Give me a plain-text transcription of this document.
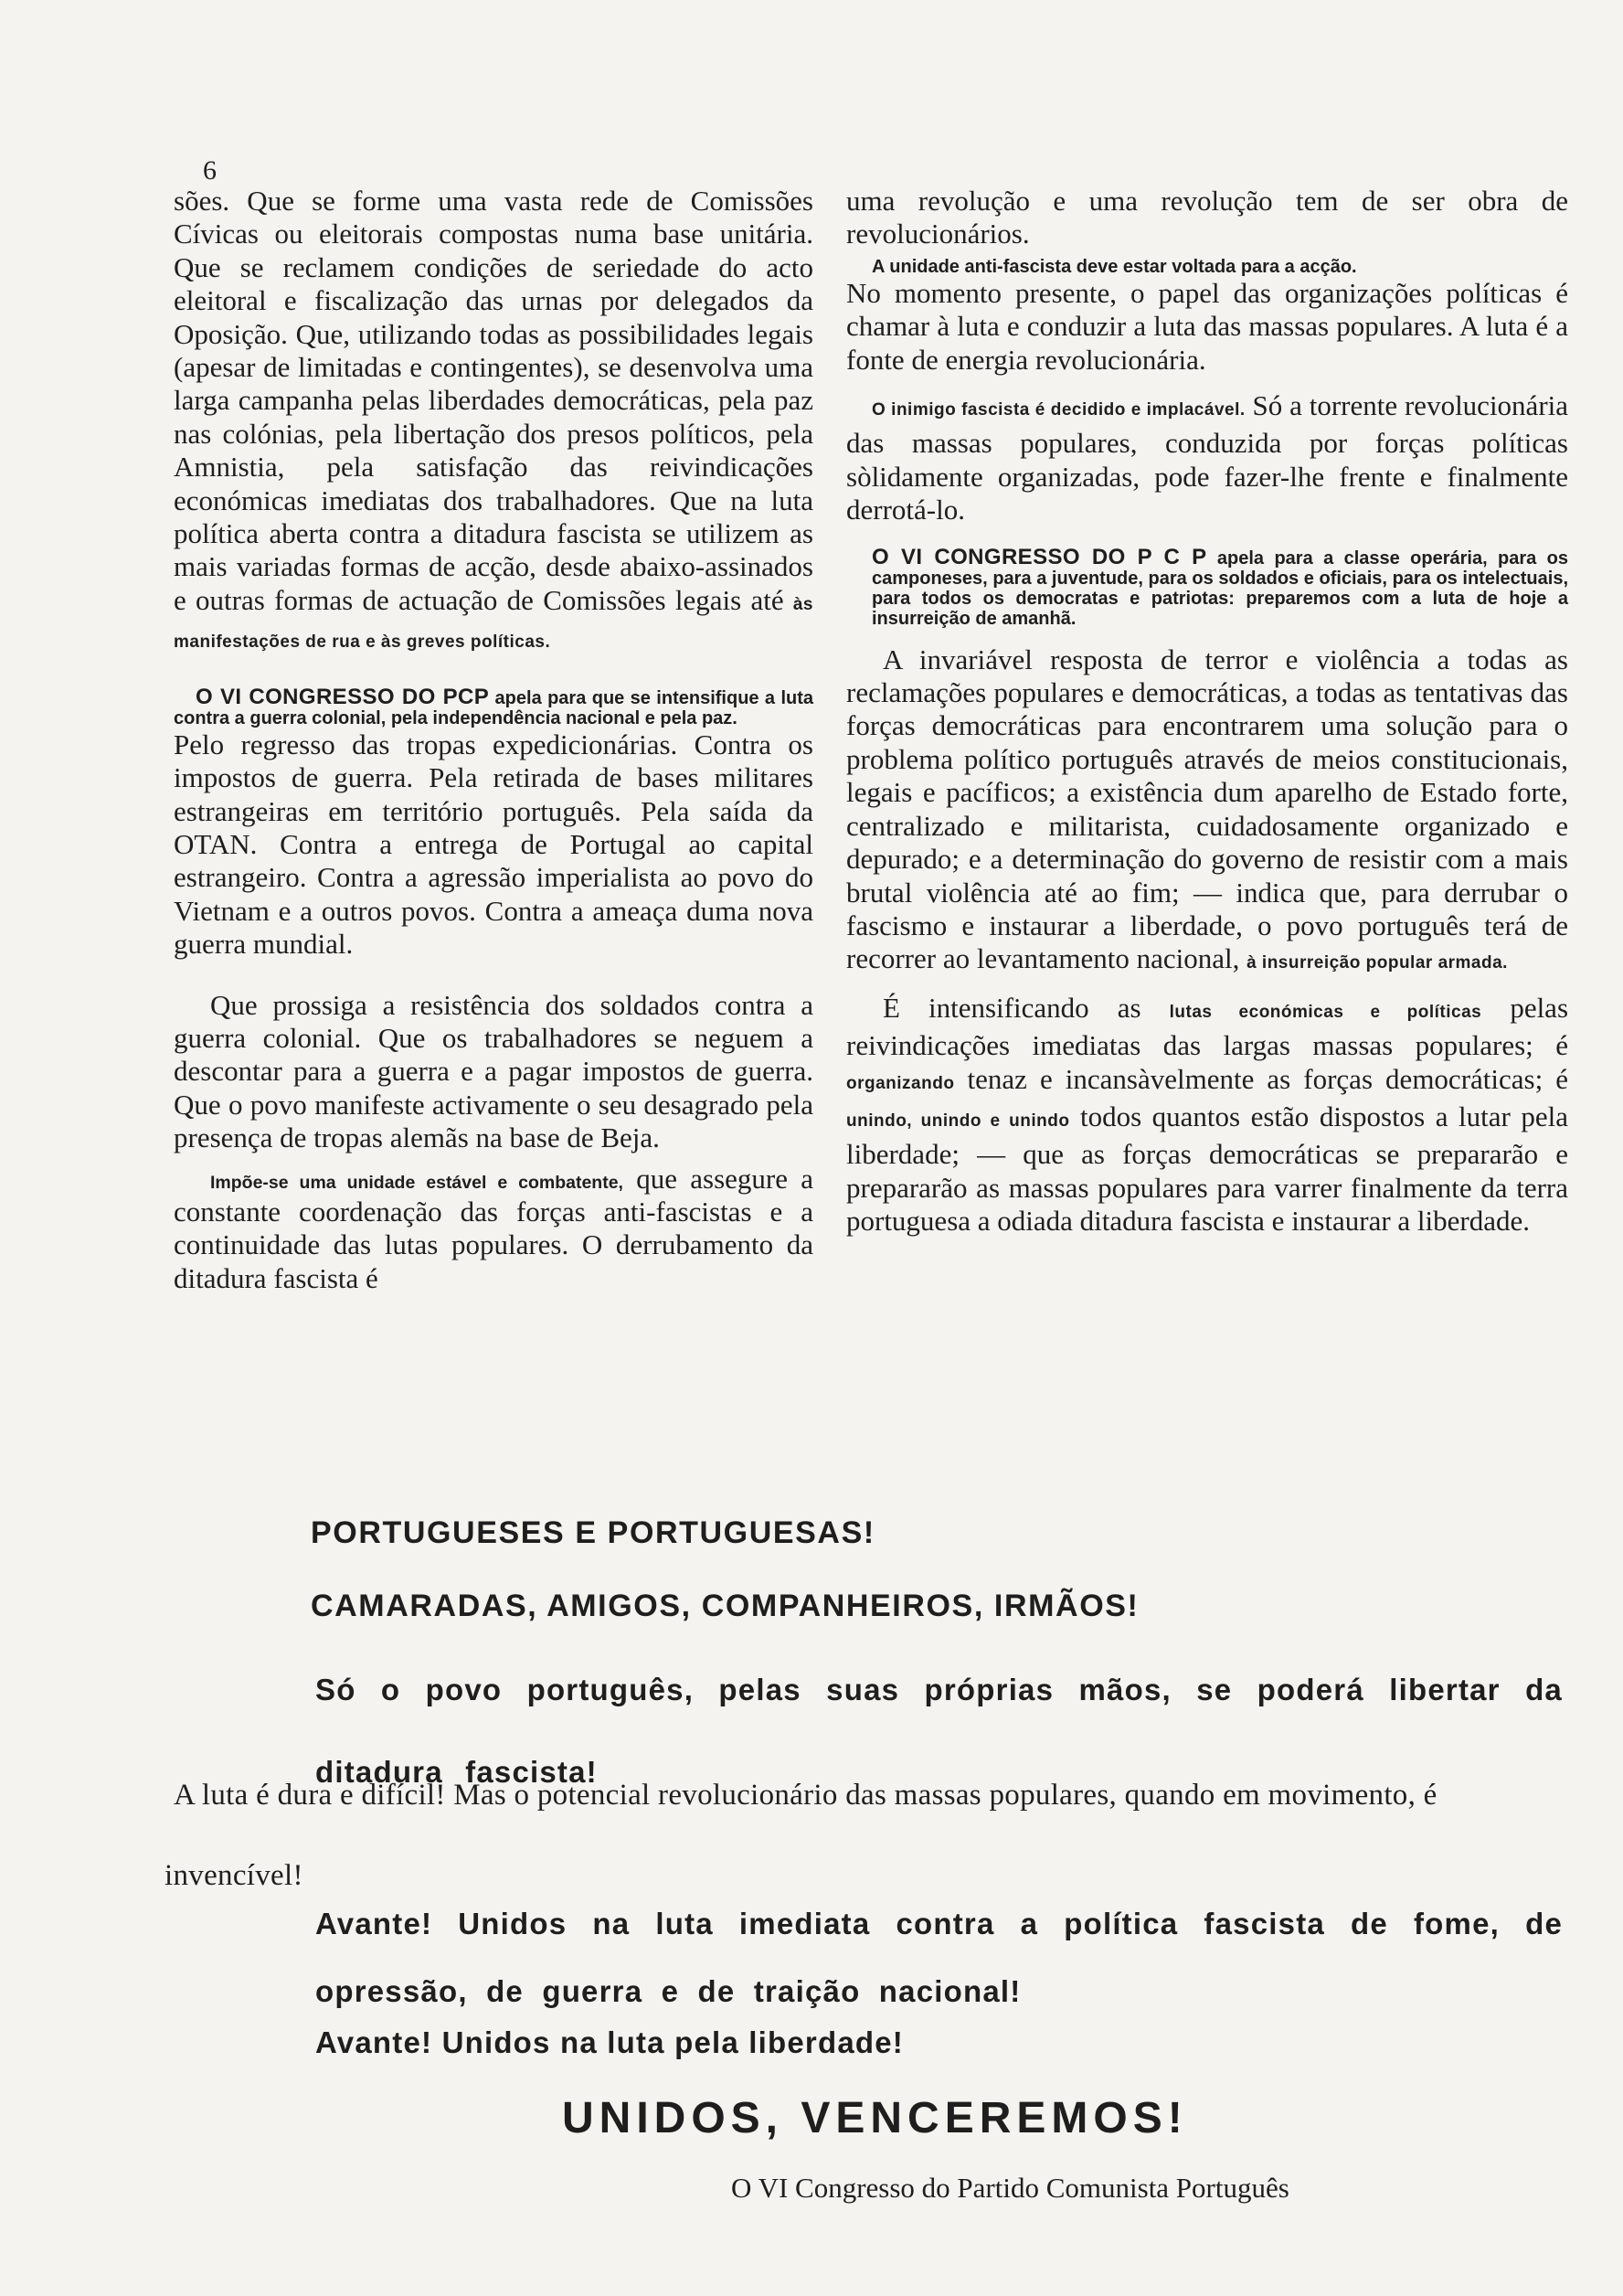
6

sões. Que se forme uma vasta rede de Comissões Cívicas ou eleitorais compostas numa base unitária. Que se reclamem condições de seriedade do acto eleitoral e fiscalização das urnas por delegados da Oposição. Que, utilizando todas as possibilidades legais (apesar de limitadas e contingentes), se desenvolva uma larga campanha pelas liberdades democráticas, pela paz nas colónias, pela libertação dos presos políticos, pela Amnistia, pela satisfação das reivindicações económicas imediatas dos trabalhadores. Que na luta política aberta contra a ditadura fascista se utilizem as mais variadas formas de acção, desde abaixo-assinados e outras formas de actuação de Comissões legais até às manifestações de rua e às greves políticas.

O VI CONGRESSO DO PCP apela para que se intensifique a luta contra a guerra colonial, pela independência nacional e pela paz.

Pelo regresso das tropas expedicionárias. Contra os impostos de guerra. Pela retirada de bases militares estrangeiras em território português. Pela saída da OTAN. Contra a entrega de Portugal ao capital estrangeiro. Contra a agressão imperialista ao povo do Vietnam e a outros povos. Contra a ameaça duma nova guerra mundial.

Que prossiga a resistência dos soldados contra a guerra colonial. Que os trabalhadores se neguem a descontar para a guerra e a pagar impostos de guerra. Que o povo manifeste activamente o seu desagrado pela presença de tropas alemãs na base de Beja.

Impõe-se uma unidade estável e combatente, que assegure a constante coordenação das forças anti-fascistas e a continuidade das lutas populares. O derrubamento da ditadura fascista é

uma revolução e uma revolução tem de ser obra de revolucionários.

A unidade anti-fascista deve estar voltada para a acção.

No momento presente, o papel das organizações políticas é chamar à luta e conduzir a luta das massas populares. A luta é a fonte de energia revolucionária.

O inimigo fascista é decidido e implacável. Só a torrente revolucionária das massas populares, conduzida por forças políticas sòlidamente organizadas, pode fazer-lhe frente e finalmente derrotá-lo.

O VI CONGRESSO DO P C P apela para a classe operária, para os camponeses, para a juventude, para os soldados e oficiais, para os intelectuais, para todos os democratas e patriotas: preparemos com a luta de hoje a insurreição de amanhã.

A invariável resposta de terror e violência a todas as reclamações populares e democráticas, a todas as tentativas das forças democráticas para encontrarem uma solução para o problema político português através de meios constitucionais, legais e pacíficos; a existência dum aparelho de Estado forte, centralizado e militarista, cuidadosamente organizado e depurado; e a determinação do governo de resistir com a mais brutal violência até ao fim; — indica que, para derrubar o fascismo e instaurar a liberdade, o povo português terá de recorrer ao levantamento nacional, à insurreição popular armada.

É intensificando as lutas económicas e políticas pelas reivindicações imediatas das largas massas populares; é organizando tenaz e incansàvelmente as forças democráticas; é unindo, unindo e unindo todos quantos estão dispostos a lutar pela liberdade; — que as forças democráticas se prepararão e prepararão as massas populares para varrer finalmente da terra portuguesa a odiada ditadura fascista e instaurar a liberdade.

PORTUGUESES E PORTUGUESAS!

CAMARADAS, AMIGOS, COMPANHEIROS, IRMÃOS!

Só o povo português, pelas suas próprias mãos, se poderá libertar da ditadura fascista!

A luta é dura e difícil! Mas o potencial revolucionário das massas populares, quando em movimento, é invencível!

Avante! Unidos na luta imediata contra a política fascista de fome, de opressão, de guerra e de traição nacional!

Avante! Unidos na luta pela liberdade!

UNIDOS, VENCEREMOS!

O VI Congresso do Partido Comunista Português
